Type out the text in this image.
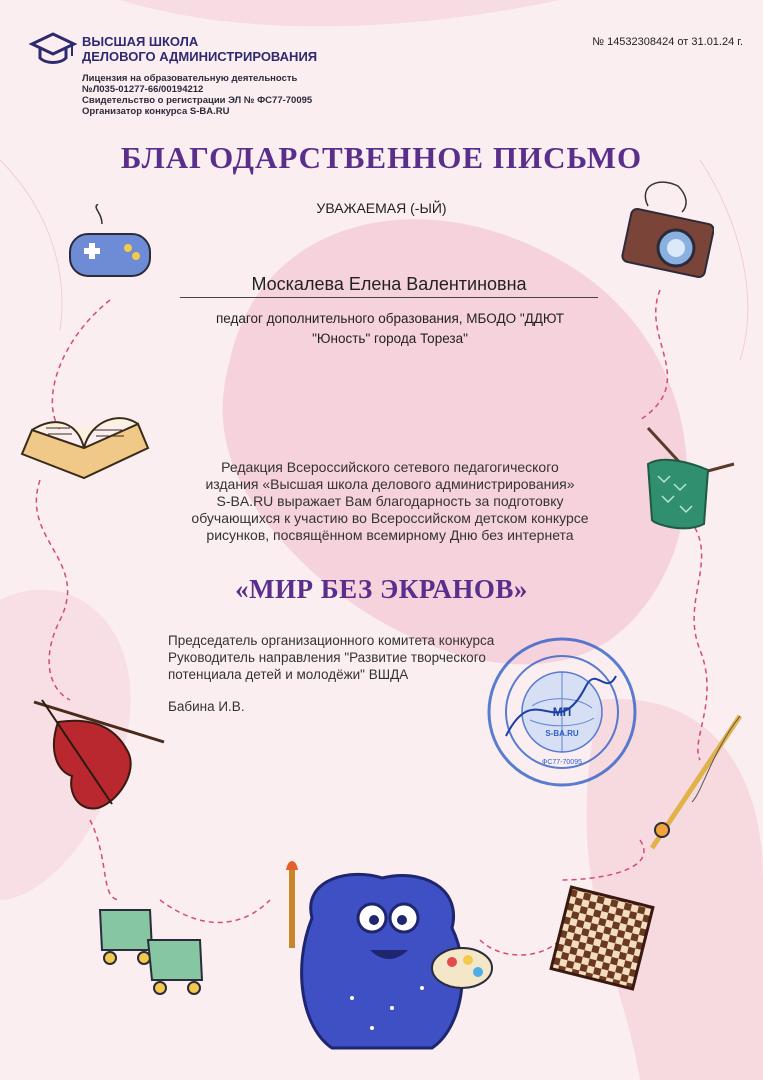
ВЫСШАЯ ШКОЛА
ДЕЛОВОГО АДМИНИСТРИРОВАНИЯ
Лицензия на образовательную деятельность
№Л035-01277-66/00194212
Свидетельство о регистрации ЭЛ № ФС77-70095
Организатор конкурса S-BA.RU
№ 14532308424 от 31.01.24 г.
БЛАГОДАРСТВЕННОЕ ПИСЬМО
УВАЖАЕМАЯ (-ЫЙ)
Москалева Елена Валентиновна
педагог дополнительного образования, МБОДО "ДДЮТ
"Юность" города Тореза"
Редакция Всероссийского сетевого педагогического
издания «Высшая школа делового администрирования»
S-BA.RU выражает Вам благодарность за подготовку
обучающихся к участию во Всероссийском детском конкурсе
рисунков, посвящённом всемирному Дню без интернета
«МИР БЕЗ ЭКРАНОВ»
Председатель организационного комитета конкурса
Руководитель направления "Развитие творческого
потенциала детей и молодёжи" ВШДА
Бабина И.В.	МП
S-BA.RU
ФС77-70095
